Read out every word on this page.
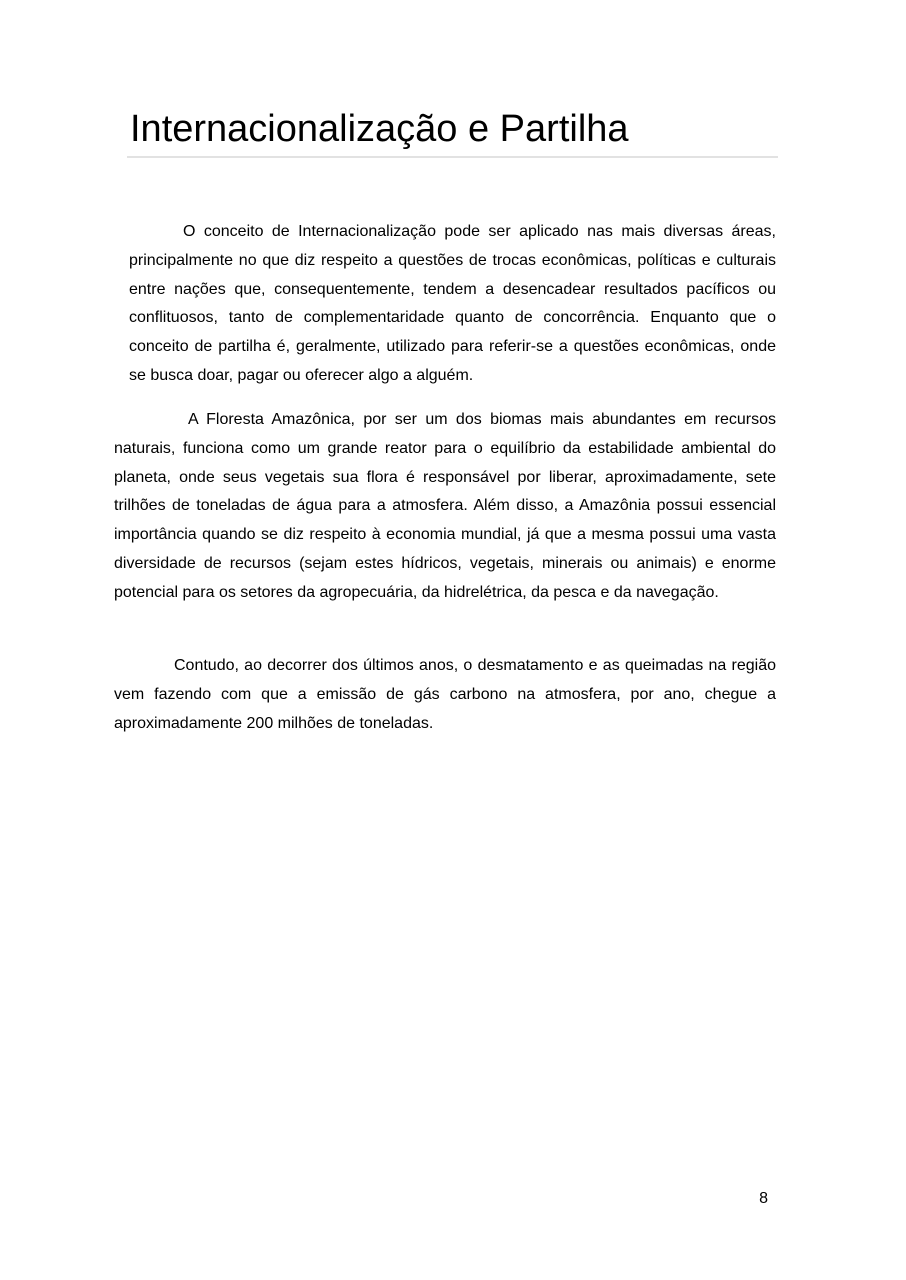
Internacionalização e Partilha

O conceito de Internacionalização pode ser aplicado nas mais diversas áreas, principalmente no que diz respeito a questões de trocas econômicas, políticas e culturais entre nações que, consequentemente, tendem a desencadear resultados pacíficos ou conflituosos, tanto de complementaridade quanto de concorrência. Enquanto que o conceito de partilha é, geralmente, utilizado para referir-se a questões econômicas, onde se busca doar, pagar ou oferecer algo a alguém.

A Floresta Amazônica, por ser um dos biomas mais abundantes em recursos naturais, funciona como um grande reator para o equilíbrio da estabilidade ambiental do planeta, onde seus vegetais sua flora é responsável por liberar, aproximadamente, sete trilhões de toneladas de água para a atmosfera. Além disso, a Amazônia possui essencial importância quando se diz respeito à economia mundial, já que a mesma possui uma vasta diversidade de recursos (sejam estes hídricos, vegetais, minerais ou animais) e enorme potencial para os setores da agropecuária, da hidrelétrica, da pesca e da navegação.

Contudo, ao decorrer dos últimos anos, o desmatamento e as queimadas na região vem fazendo com que a emissão de gás carbono na atmosfera, por ano, chegue a aproximadamente 200 milhões de toneladas.

8
